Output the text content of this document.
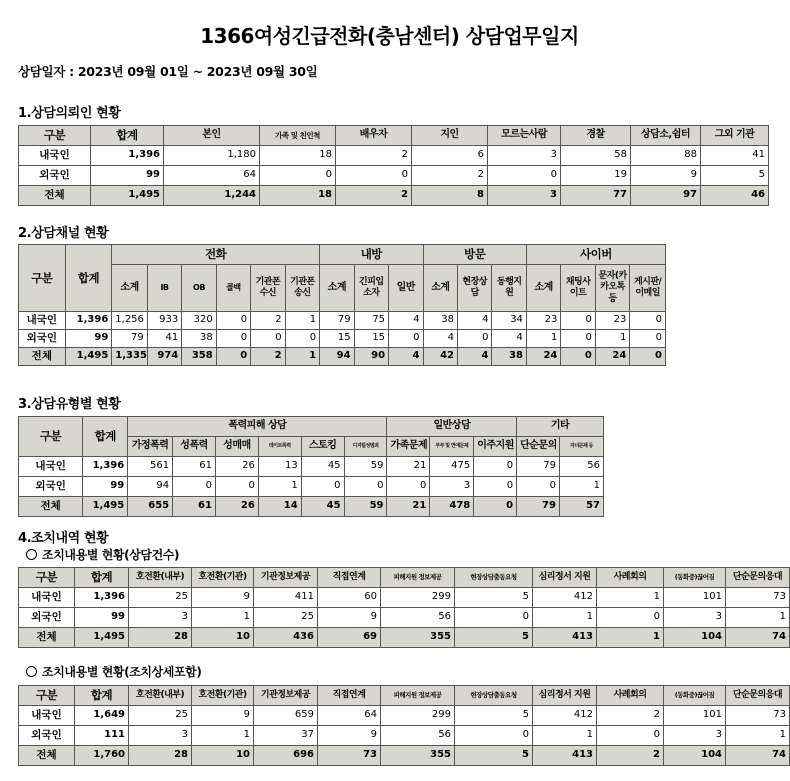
1366여성긴급전화(충남센터) 상담업무일지
상담일자 : 2023년 09월 01일 ~ 2023년 09월 30일
1.상담의뢰인 현황
구분	합계	본인	가족 및 친인척	배우자	지인	모르는사람	경찰	상담소,쉼터	그외 기관
내국인	1,396	1,180	18	2	6	3	58	88	41
외국인	99	64	0	0	2	0	19	9	5
전체	1,495	1,244	18	2	8	3	77	97	46
2.상담채널 현황
구분	합계	전화						내방			방문			사이버			
		소계	IB	OB	콜백	기관폰 수신	기관폰 송신	소계	긴피입소자	일반	소계	현장상담	동행지원	소계	채팅사이트	문자(카카오톡등	게시판/이메일
내국인	1,396	1,256	933	320	0	2	1	79	75	4	38	4	34	23	0	23	0
외국인	99	79	41	38	0	0	0	15	15	0	4	0	4	1	0	1	0
전체	1,495	1,335	974	358	0	2	1	94	90	4	42	4	38	24	0	24	0
3.상담유형별 현황
구분	합계	폭력피해 상담						일반상담			기타	
		가정폭력	성폭력	성매매	데이트폭력	스토킹	디지털성범죄	가족문제	부부 및 연애문제	이주지원	단순문의	자녀문제 등
내국인	1,396	561	61	26	13	45	59	21	475	0	79	56
외국인	99	94	0	0	1	0	0	0	3	0	0	1
전체	1,495	655	61	26	14	45	59	21	478	0	79	57
4.조치내역 현황
조치내용별 현황(상담건수)
구분	합계	호전환(내부)	호전환(기관)	기관정보제공	직접연계	피해지원 정보제공	현장상담출동요청	심리정서 지원	사례회의	(동화중)끊어짐	단순문의응대
내국인	1,396	25	9	411	60	299	5	412	1	101	73
외국인	99	3	1	25	9	56	0	1	0	3	1
전체	1,495	28	10	436	69	355	5	413	1	104	74
조치내용별 현황(조치상세포함)
구분	합계	호전환(내부)	호전환(기관)	기관정보제공	직접연계	피해지원 정보제공	현장상담출동요청	심리정서 지원	사례회의	(동화중)끊어짐	단순문의응대
내국인	1,649	25	9	659	64	299	5	412	2	101	73
외국인	111	3	1	37	9	56	0	1	0	3	1
전체	1,760	28	10	696	73	355	5	413	2	104	74
